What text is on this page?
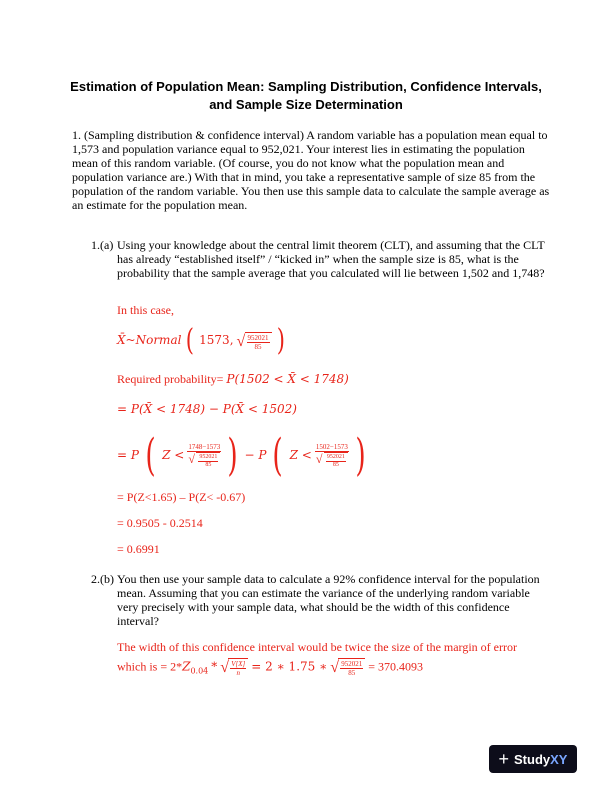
Estimation of Population Mean: Sampling Distribution, Confidence Intervals,
and Sample Size Determination
1. (Sampling distribution & confidence interval) A random variable has a population mean equal to 1,573 and population variance equal to 952,021. Your interest lies in estimating the population mean of this random variable. (Of course, you do not know what the population mean and population variance are.) With that in mind, you take a representative sample of size 85 from the population of the random variable. You then use this sample data to calculate the sample average as an estimate for the population mean.
1.(a) Using your knowledge about the central limit theorem (CLT), and assuming that the CLT has already “established itself” / “kicked in” when the sample size is 85, what is the probability that the sample average that you calculated will lie between 1,502 and 1,748?
In this case,
X̄~Normal ( 1573, √ $\frac{952021}{85}$ )
Required probability= P(1502 < X̄ < 1748)
= P(X̄ < 1748) − P(X̄ < 1502)
= P ( $Z < \frac{1748-1573}{√ \frac{952021}{85}}$ ) − P ( $Z < \frac{1502-1573}{√ \frac{952021}{85}}$ )
= P(Z<1.65) – P(Z< -0.67)
= 0.9505 - 0.2514
= 0.6991
2.(b) You then use your sample data to calculate a 92% confidence interval for the population mean. Assuming that you can estimate the variance of the underlying random variable very precisely with your sample data, what should be the width of this confidence interval?
The width of this confidence interval would be twice the size of the margin of error
which is = $2*Z_{0.04}$ * √ $\frac{V[X]}{n} = 2$ ∗ 1.75 ∗ √ $\frac{952021}{85} = 370.4093$
+ StudyXY
